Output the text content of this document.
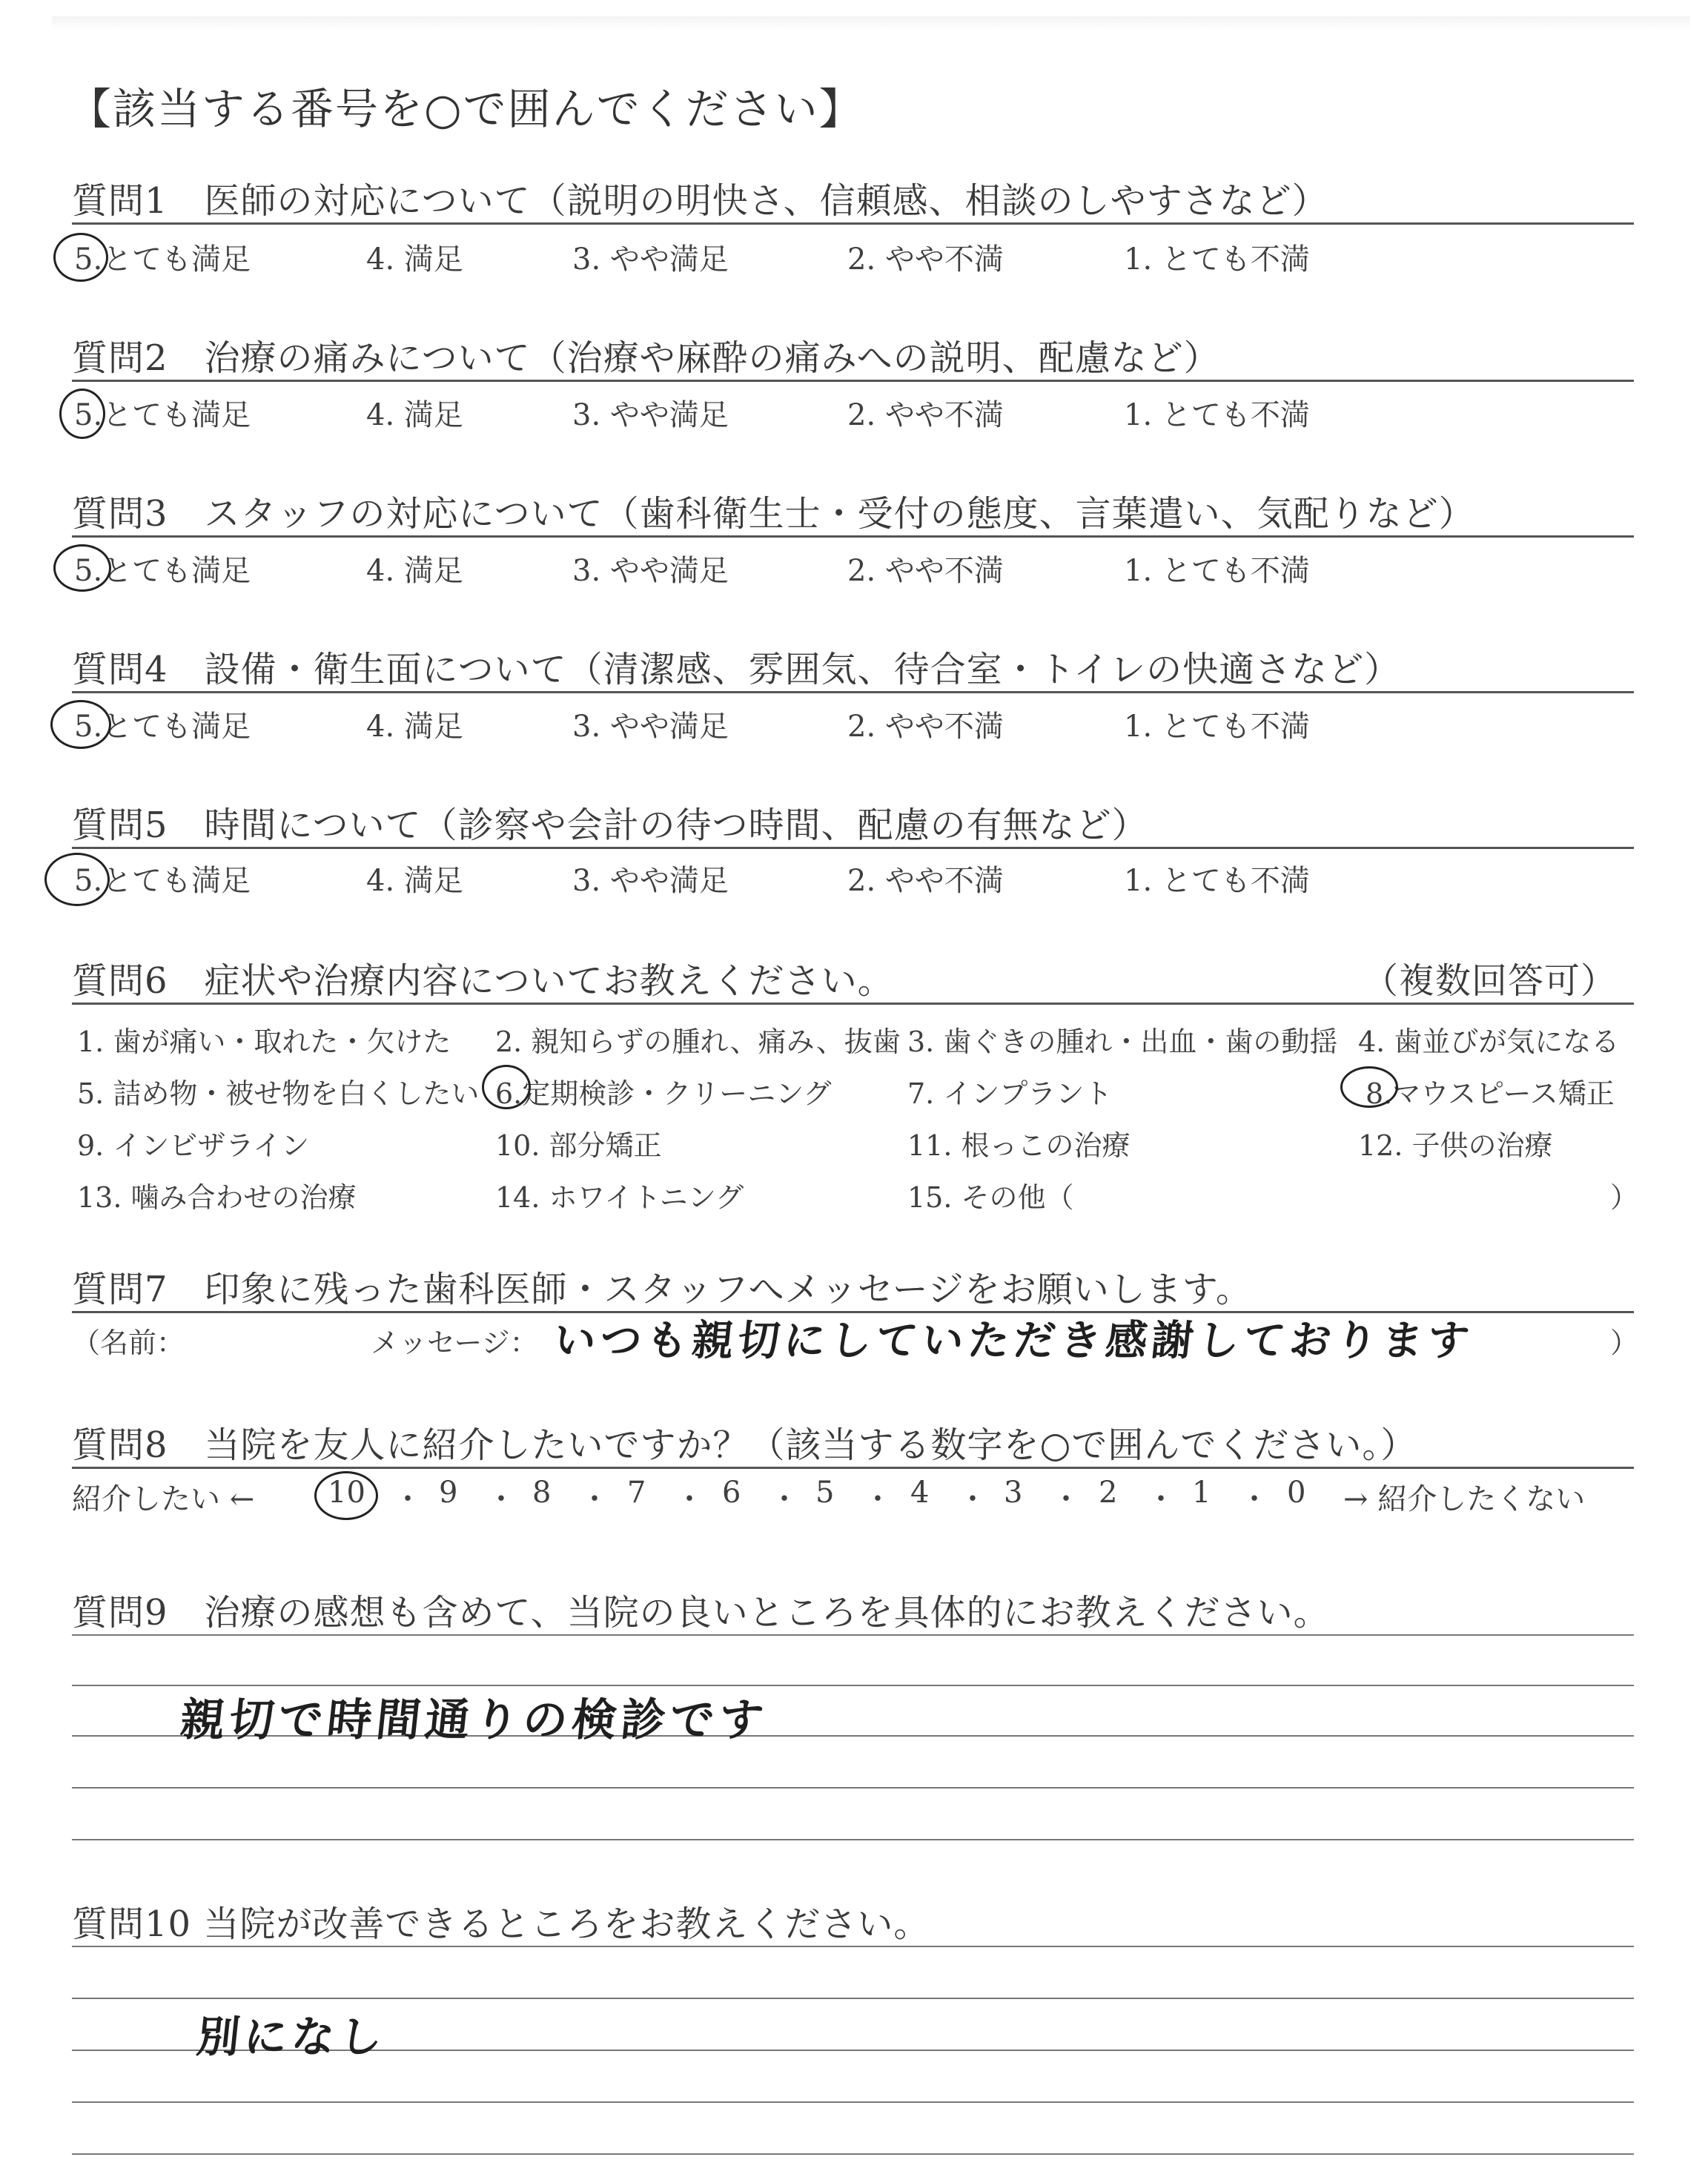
【該当する番号を○で囲んでください】
質問1　医師の対応について（説明の明快さ、信頼感、相談のしやすさなど）
5.とても満足	4. 満足	3. やや満足	2. やや不満	1. とても不満
質問2　治療の痛みについて（治療や麻酔の痛みへの説明、配慮など）
5.とても満足	4. 満足	3. やや満足	2. やや不満	1. とても不満
質問3　スタッフの対応について（歯科衛生士・受付の態度、言葉遣い、気配りなど）
5.とても満足	4. 満足	3. やや満足	2. やや不満	1. とても不満
質問4　設備・衛生面について（清潔感、雰囲気、待合室・トイレの快適さなど）
5.とても満足	4. 満足	3. やや満足	2. やや不満	1. とても不満
質問5　時間について（診察や会計の待つ時間、配慮の有無など）
5.とても満足	4. 満足	3. やや満足	2. やや不満	1. とても不満
質問6　症状や治療内容についてお教えください。	（複数回答可）
1. 歯が痛い・取れた・欠けた 2. 親知らずの腫れ、痛み、抜歯 3. 歯ぐきの腫れ・出血・歯の動揺 4. 歯並びが気になる
5. 詰め物・被せ物を白くしたい 6.定期検診・クリーニング	7. インプラント	8.マウスピース矯正
9. インビザライン	10. 部分矯正	11. 根っこの治療	12. 子供の治療
13. 噛み合わせの治療	14. ホワイトニング	15. その他（	）
質問7　印象に残った歯科医師・スタッフへメッセージをお願いします。
（名前：	メッセージ： いつも親切にしていただき感謝しております	）
質問8　当院を友人に紹介したいですか？（該当する数字を○で囲んでください。）
紹介したい ← 10 ・ 9 ・ 8 ・ 7 ・ 6 ・ 5 ・ 4 ・ 3 ・ 2 ・ 1 ・ 0 → 紹介したくない
質問9　治療の感想も含めて、当院の良いところを具体的にお教えください。
親切で時間通りの検診です
質問10 当院が改善できるところをお教えください。
別になし
